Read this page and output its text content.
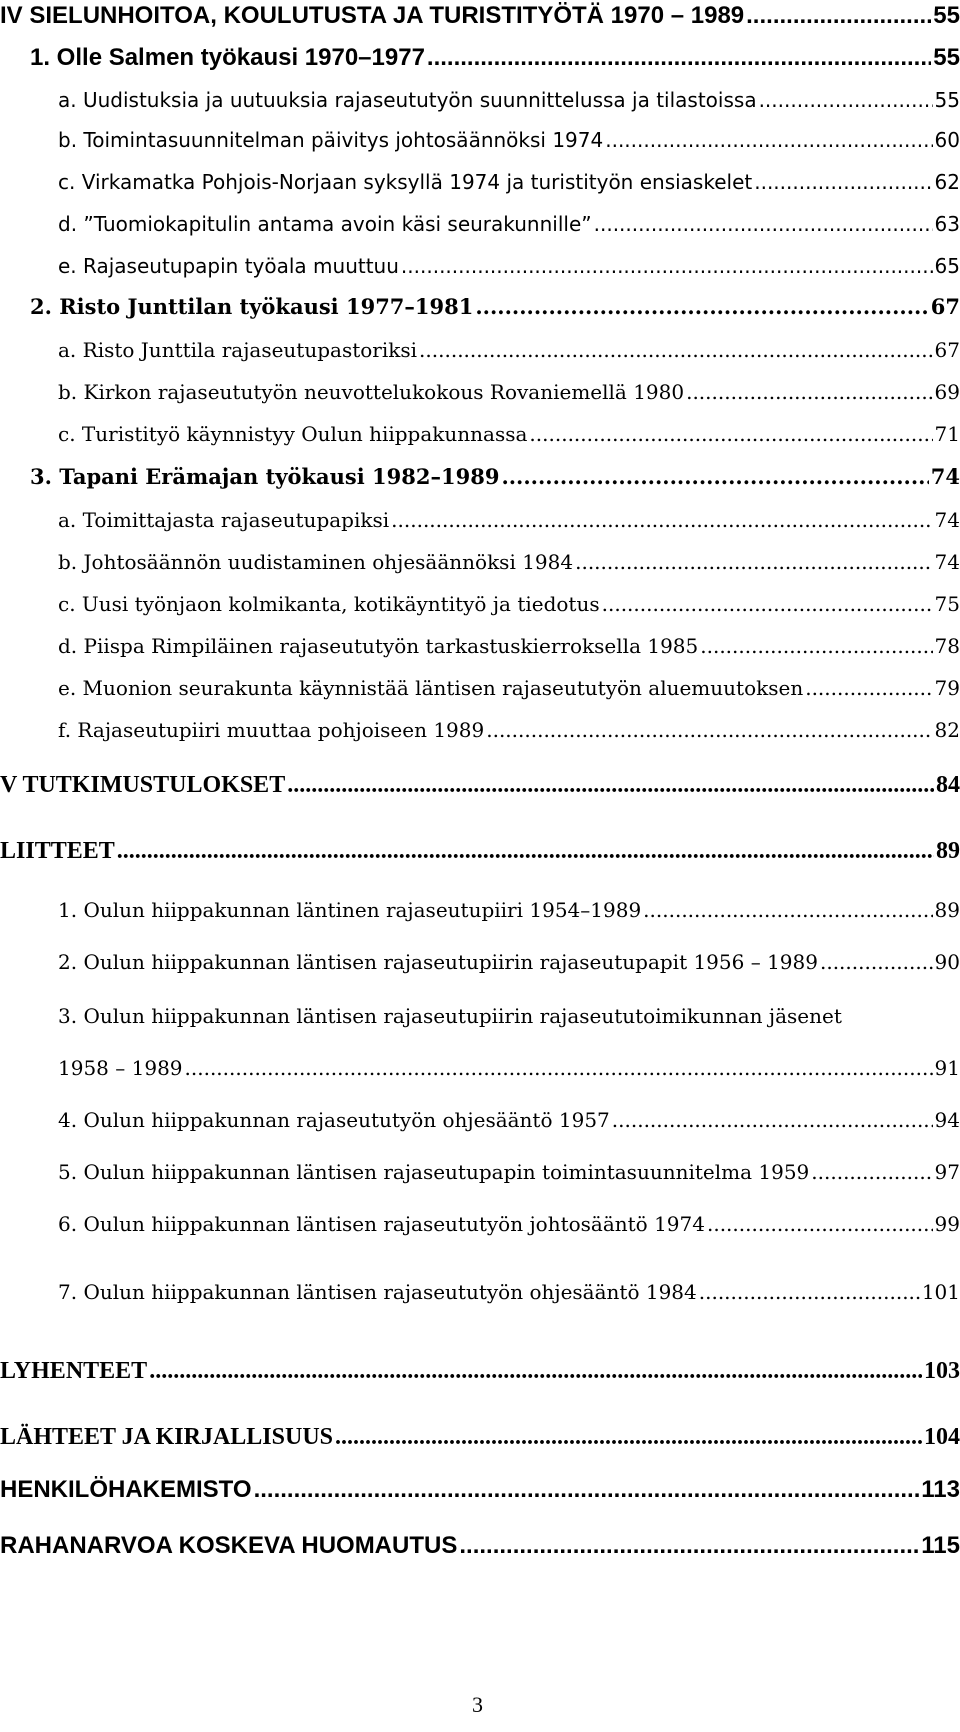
IV SIELUNHOITOA, KOULUTUSTA JA TURISTITYÖTÄ 1970 – 1989 .....	55
1. Olle Salmen työkausi 1970–1977 .....	55
a. Uudistuksia ja uutuuksia rajaseututyön suunnittelussa ja tilastoissa .....	55
b. Toimintasuunnitelman päivitys johtosäännöksi 1974 .....	60
c. Virkamatka Pohjois-Norjaan syksyllä 1974 ja turistityön ensiaskelet .....	62
d. ”Tuomiokapitulin antama avoin käsi seurakunnille” .....	63
e. Rajaseutupapin työala muuttuu .....	65
2. Risto Junttilan työkausi 1977–1981 .....	67
a. Risto Junttila rajaseutupastoriksi .....	67
b. Kirkon rajaseututyön neuvottelukokous Rovaniemellä 1980 .....	69
c. Turistityö käynnistyy Oulun hiippakunnassa .....	71
3. Tapani Erämajan työkausi 1982–1989 .....	74
a. Toimittajasta rajaseutupapiksi .....	74
b. Johtosäännön uudistaminen ohjesäännöksi 1984 .....	74
c. Uusi työnjaon kolmikanta, kotikäyntityö ja tiedotus .....	75
d. Piispa Rimpiläinen rajaseututyön tarkastuskierroksella 1985 .....	78
e. Muonion seurakunta käynnistää läntisen rajaseututyön aluemuutoksen .....	79
f. Rajaseutupiiri muuttaa pohjoiseen 1989 .....	82
V TUTKIMUSTULOKSET .....	84
LIITTEET .....	89
1. Oulun hiippakunnan läntinen rajaseutupiiri 1954–1989 .....	89
2. Oulun hiippakunnan läntisen rajaseutupiirin rajaseutupapit 1956 – 1989 .....	90
3. Oulun hiippakunnan läntisen rajaseutupiirin rajaseututoimikunnan jäsenet
1958 – 1989 .....	91
4. Oulun hiippakunnan rajaseututyön ohjesääntö 1957 .....	94
5. Oulun hiippakunnan läntisen rajaseutupapin toimintasuunnitelma 1959 .....	97
6. Oulun hiippakunnan läntisen rajaseututyön johtosääntö 1974 .....	99
7. Oulun hiippakunnan läntisen rajaseututyön ohjesääntö 1984 .....	101
LYHENTEET .....	103
LÄHTEET JA KIRJALLISUUS .....	104
HENKILÖHAKEMISTO .....	113
RAHANARVOA KOSKEVA HUOMAUTUS .....	115
3
